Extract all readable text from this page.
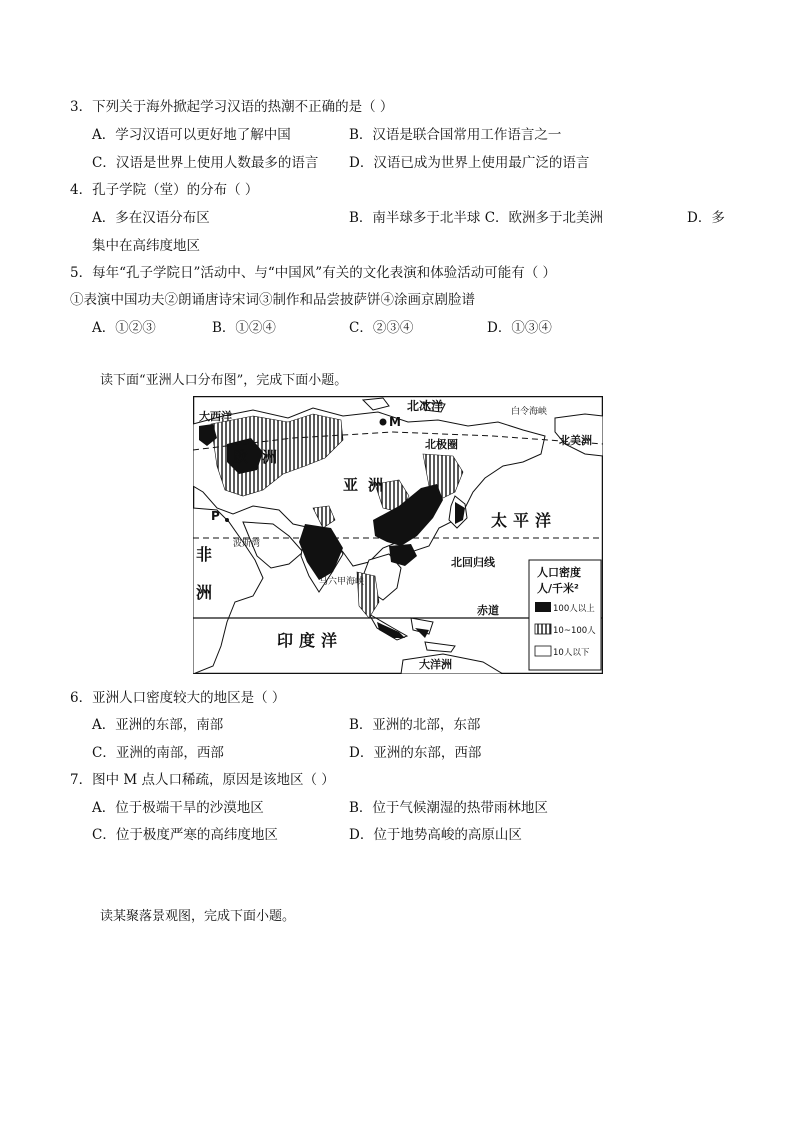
3．下列关于海外掀起学习汉语的热潮不正确的是（ ）
A．学习汉语可以更好地了解中国	B．汉语是联合国常用工作语言之一
C．汉语是世界上使用人数最多的语言 D．汉语已成为世界上使用最广泛的语言
4．孔子学院（堂）的分布（ ）
A．多在汉语分布区	B．南半球多于北半球 C．欧洲多于北美洲	D．多
集中在高纬度地区
5．每年“孔子学院日”活动中、与“中国风”有关的文化表演和体验活动可能有（ ）
①表演中国功夫②朗诵唐诗宋词③制作和品尝披萨饼④涂画京剧脸谱
A．①②③	B．①②④	C．②③④	D．①③④
读下面“亚洲人口分布图”，完成下面小题。
大西洋	M
北冰洋	白令海峡
北美洲
欧洲
北极圈
亚洲
太平洋
P
非洲
波斯湾
马六甲海峡
北回归线
赤道
印度洋
大洋洲
人口密度
人/千米²
100人以上
10~100人
10人以下
6．亚洲人口密度较大的地区是（ ）
A．亚洲的东部，南部	B．亚洲的北部，东部
C．亚洲的南部，西部	D．亚洲的东部，西部
7．图中 M 点人口稀疏，原因是该地区（ ）
A．位于极端干旱的沙漠地区	B．位于气候潮湿的热带雨林地区
C．位于极度严寒的高纬度地区	D．位于地势高峻的高原山区
读某聚落景观图，完成下面小题。
